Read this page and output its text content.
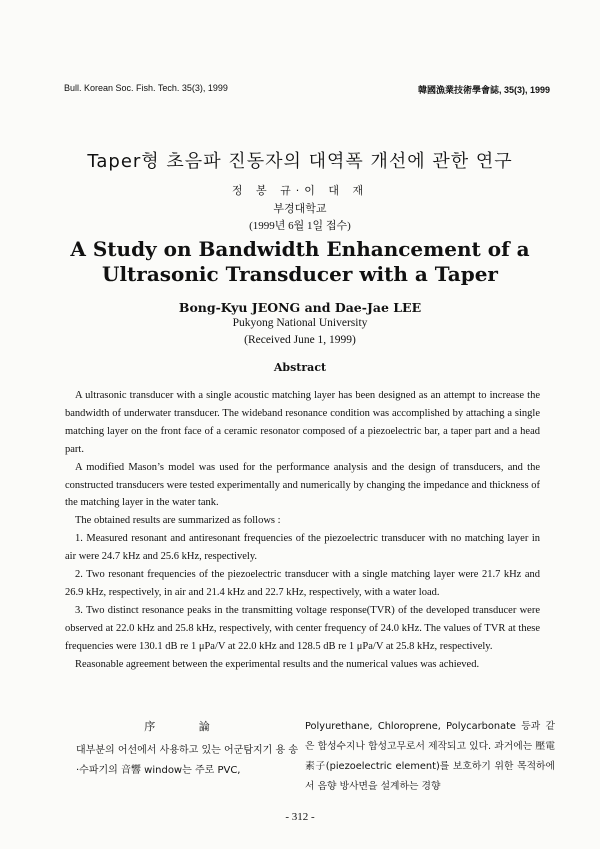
Bull. Korean Soc. Fish. Tech. 35(3), 1999	韓國漁業技術學會誌, 35(3), 1999
Taper형 초음파 진동자의 대역폭 개선에 관한 연구
정 봉 규·이 대 재
부경대학교
(1999년 6월 1일 접수)
A Study on Bandwidth Enhancement of a
Ultrasonic Transducer with a Taper
Bong-Kyu JEONG and Dae-Jae LEE
Pukyong National University
(Received June 1, 1999)
Abstract

A ultrasonic transducer with a single acoustic matching layer has been designed as an attempt to increase the bandwidth of underwater transducer. The wideband resonance condition was accomplished by attaching a single matching layer on the front face of a ceramic resonator composed of a piezoelectric bar, a taper part and a head part.

A modified Mason’s model was used for the performance analysis and the design of transducers, and the constructed transducers were tested experimentally and numerically by changing the impedance and thickness of the matching layer in the water tank.

The obtained results are summarized as follows :

1. Measured resonant and antiresonant frequencies of the piezoelectric transducer with no matching layer in air were 24.7 kHz and 25.6 kHz, respectively.

2. Two resonant frequencies of the piezoelectric transducer with a single matching layer were 21.7 kHz and 26.9 kHz, respectively, in air and 21.4 kHz and 22.7 kHz, respectively, with a water load.

3. Two distinct resonance peaks in the transmitting voltage response(TVR) of the developed transducer were observed at 22.0 kHz and 25.8 kHz, respectively, with center frequency of 24.0 kHz. The values of TVR at these frequencies were 130.1 dB re 1 μPa/V at 22.0 kHz and 128.5 dB re 1 μPa/V at 25.8 kHz, respectively.

Reasonable agreement between the experimental results and the numerical values was achieved.

序 論

대부분의 어선에서 사용하고 있는 어군탐지기 용 송·수파기의 音響 window는 주로 PVC,

Polyurethane, Chloroprene, Polycarbonate 등과 같은 합성수지나 합성고무로서 제작되고 있다. 과거에는 壓電素子(piezoelectric element)를 보호하기 위한 목적하에서 음향 방사면을 설계하는 경향

- 312 -
